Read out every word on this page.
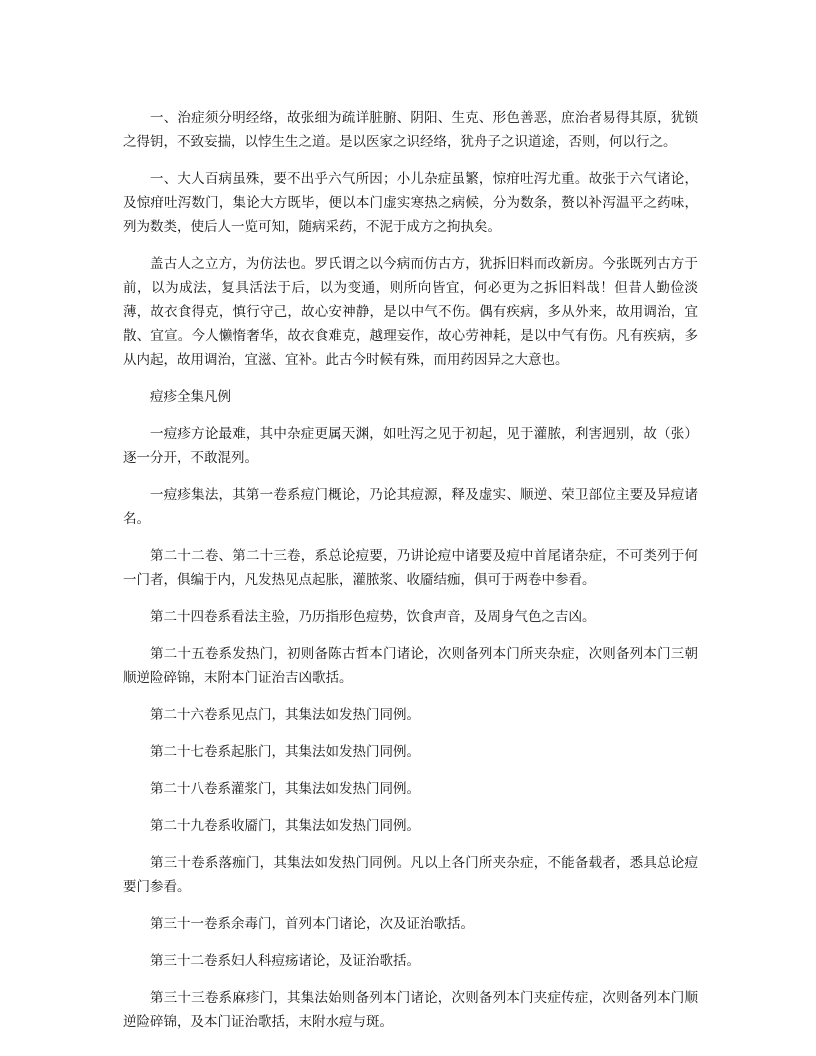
一、治症须分明经络，故张细为疏详脏腑、阴阳、生克、形色善恶，庶治者易得其原，犹锁之得钥，不致妄揣，以悖生生之道。是以医家之识经络，犹舟子之识道途，否则，何以行之。

一、大人百病虽殊，要不出乎六气所因；小儿杂症虽繁，惊疳吐泻尤重。故张于六气诸论，及惊疳吐泻数门，集论大方既毕，便以本门虚实寒热之病候，分为数条，赘以补泻温平之药味，列为数类，使后人一览可知，随病采药，不泥于成方之拘执矣。

盖古人之立方，为仿法也。罗氏谓之以今病而仿古方，犹拆旧料而改新房。今张既列古方于前，以为成法，复具活法于后，以为变通，则所向皆宜，何必更为之拆旧料哉！但昔人勤俭淡薄，故衣食得克，慎行守己，故心安神静，是以中气不伤。偶有疾病，多从外来，故用调治，宜散、宜宣。今人懒惰奢华，故衣食难克，越理妄作，故心劳神耗，是以中气有伤。凡有疾病，多从内起，故用调治，宜滋、宜补。此古今时候有殊，而用药因异之大意也。

痘疹全集凡例

一痘疹方论最难，其中杂症更属天渊，如吐泻之见于初起，见于灌脓，利害迥别，故（张）逐一分开，不敢混列。

一痘疹集法，其第一卷系痘门概论，乃论其痘源，释及虚实、顺逆、荣卫部位主要及异痘诸名。

第二十二卷、第二十三卷，系总论痘要，乃讲论痘中诸要及痘中首尾诸杂症，不可类列于何一门者，俱编于内，凡发热见点起胀，灌脓浆、收靥结痂，俱可于两卷中参看。

第二十四卷系看法主验，乃历指形色痘势，饮食声音，及周身气色之吉凶。

第二十五卷系发热门，初则备陈古哲本门诸论，次则备列本门所夹杂症，次则备列本门三朝顺逆险碎锦，末附本门证治吉凶歌括。

第二十六卷系见点门，其集法如发热门同例。

第二十七卷系起胀门，其集法如发热门同例。

第二十八卷系灌浆门，其集法如发热门同例。

第二十九卷系收靥门，其集法如发热门同例。

第三十卷系落痂门，其集法如发热门同例。凡以上各门所夹杂症，不能备载者，悉具总论痘要门参看。

第三十一卷系余毒门，首列本门诸论，次及证治歌括。

第三十二卷系妇人科痘疡诸论，及证治歌括。

第三十三卷系麻疹门，其集法始则备列本门诸论，次则备列本门夹症传症，次则备列本门顺逆险碎锦，及本门证治歌括，末附水痘与斑。
